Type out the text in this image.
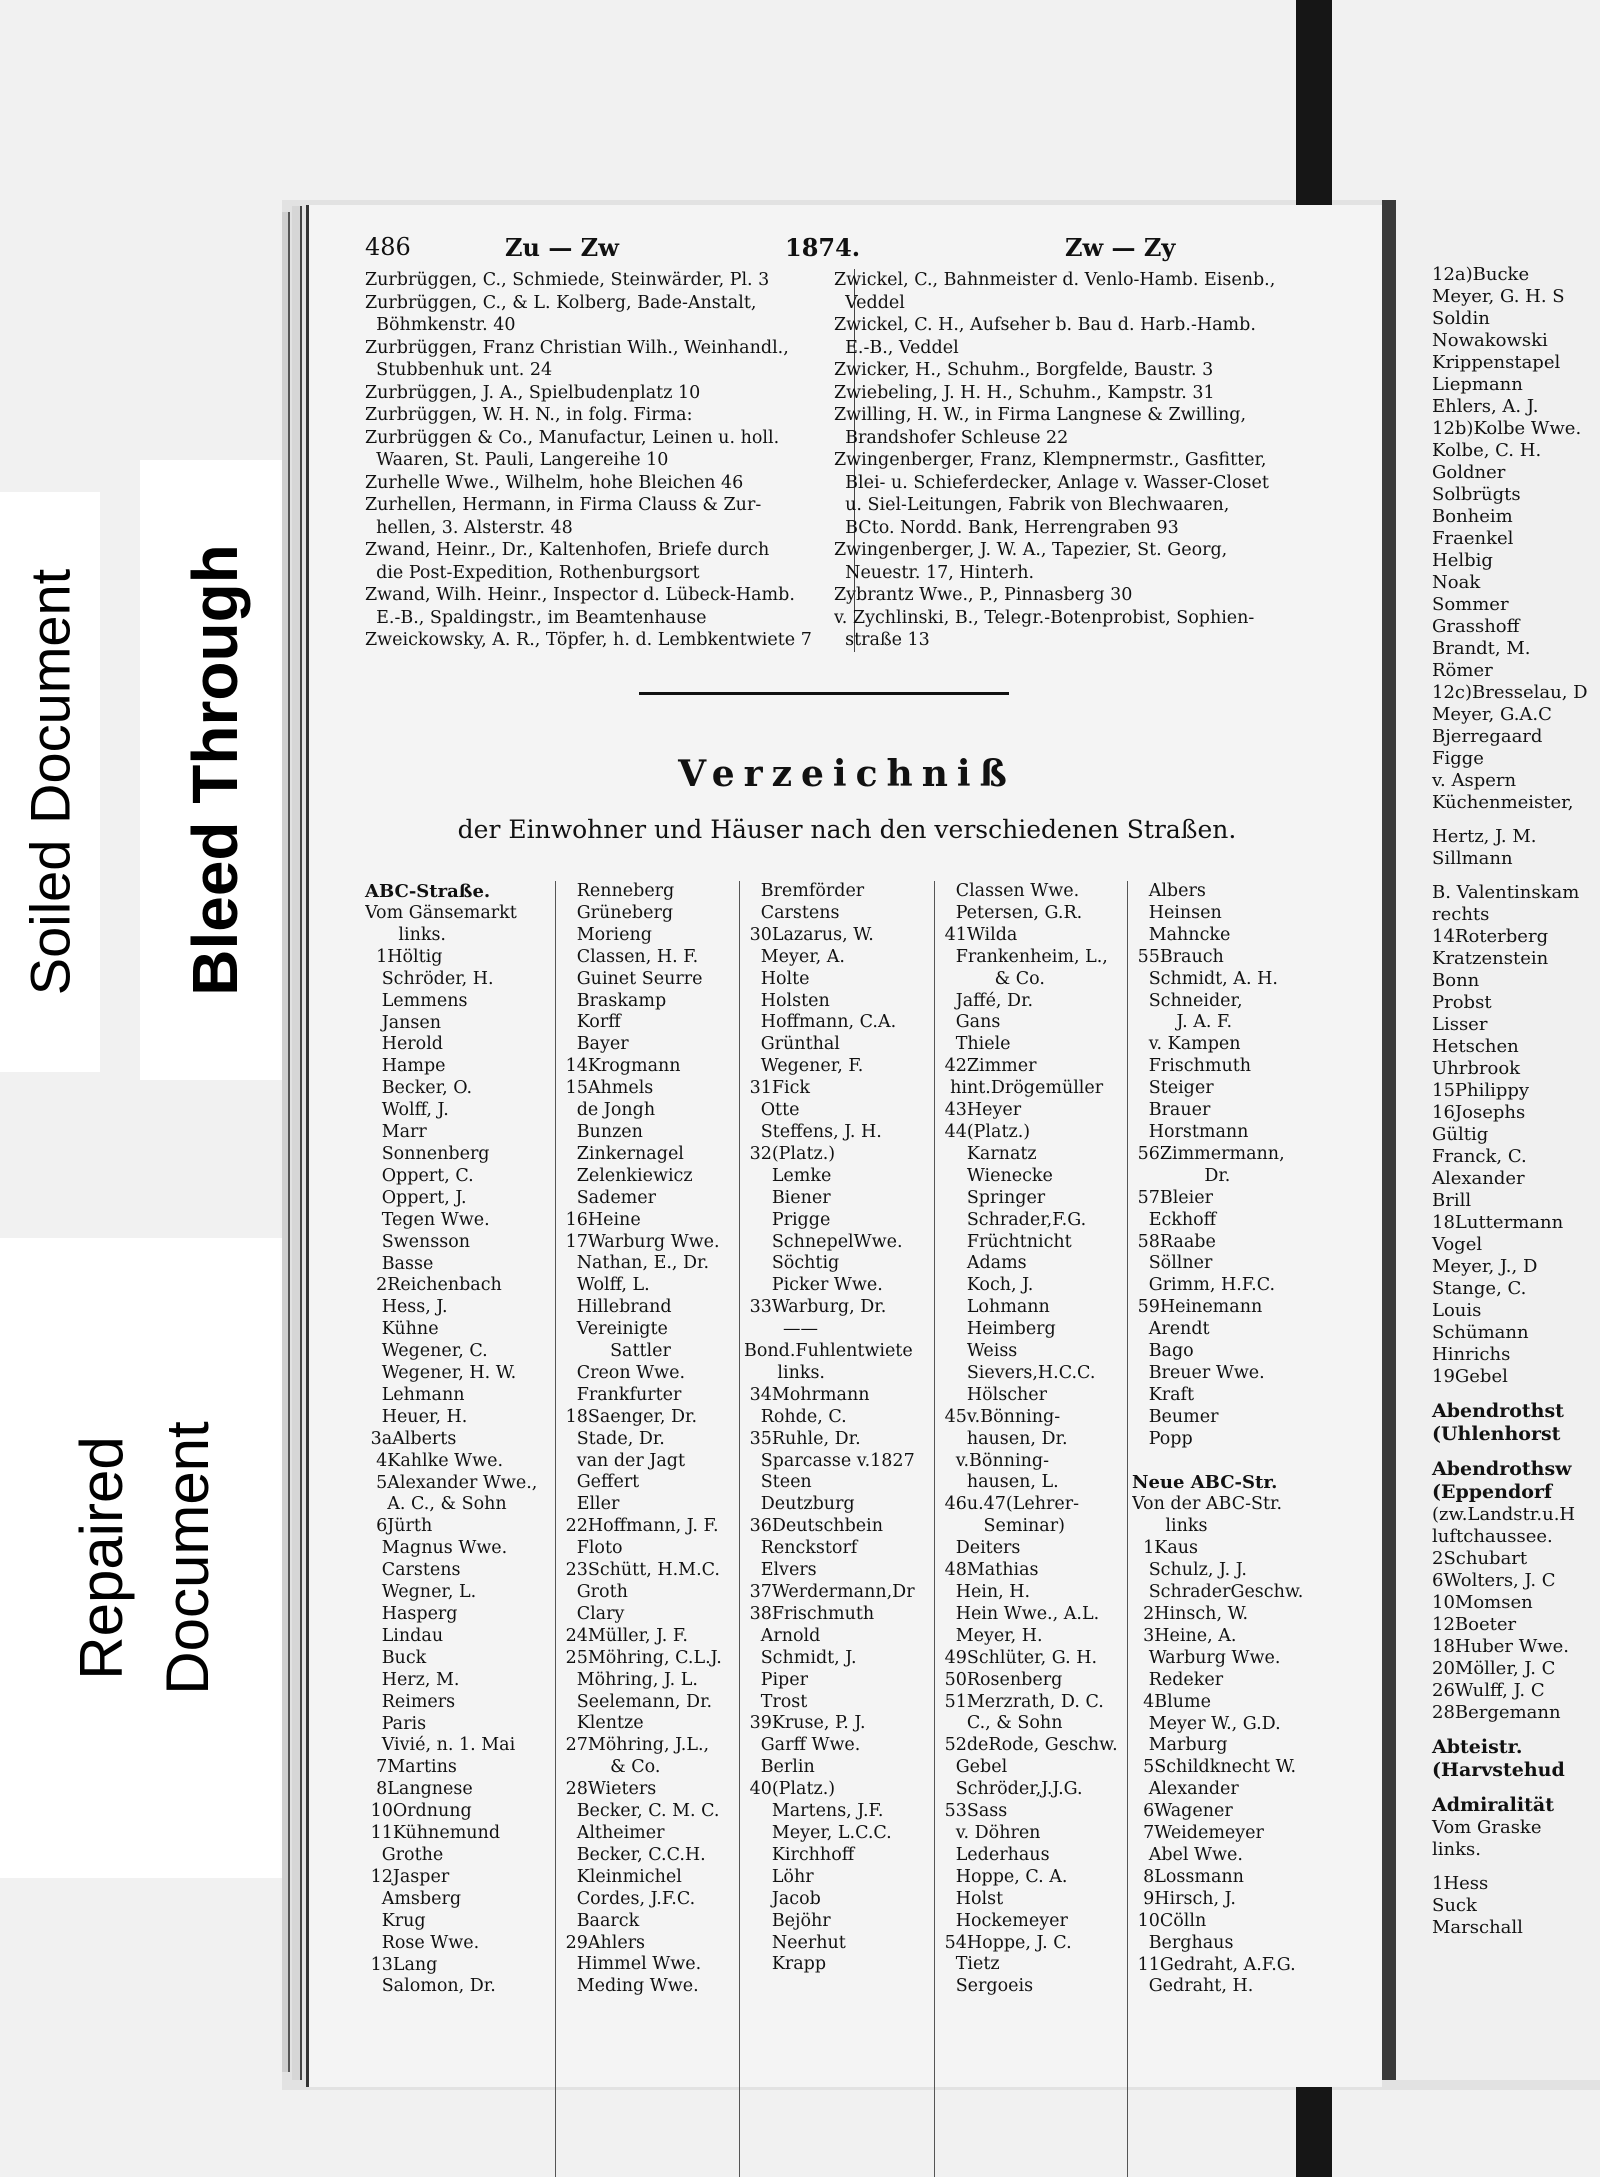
Soiled Document Bleed Through
Repaired Document
486	Zu — Zw	1874.	Zw — Zy
Zurbrüggen, C., Schmiede, Steinwärder, Pl. 3
Zurbrüggen, C., & L. Kolberg, Bade-Anstalt,
Böhmkenstr. 40
Zurbrüggen, Franz Christian Wilh., Weinhandl.,
Stubbenhuk unt. 24
Zurbrüggen, J. A., Spielbudenplatz 10
Zurbrüggen, W. H. N., in folg. Firma:
Zurbrüggen & Co., Manufactur, Leinen u. holl.
Waaren, St. Pauli, Langereihe 10
Zurhelle Wwe., Wilhelm, hohe Bleichen 46
Zurhellen, Hermann, in Firma Clauss & Zur-
hellen, 3. Alsterstr. 48
Zwand, Heinr., Dr., Kaltenhofen, Briefe durch
die Post-Expedition, Rothenburgsort
Zwand, Wilh. Heinr., Inspector d. Lübeck-Hamb.
E.-B., Spaldingstr., im Beamtenhause
Zweickowsky, A. R., Töpfer, h. d. Lembkentwiete 7
Zwickel, C., Bahnmeister d. Venlo-Hamb. Eisenb.,
Veddel
Zwickel, C. H., Aufseher b. Bau d. Harb.-Hamb.
E.-B., Veddel
Zwicker, H., Schuhm., Borgfelde, Baustr. 3
Zwiebeling, J. H. H., Schuhm., Kampstr. 31
Zwilling, H. W., in Firma Langnese & Zwilling,
Brandshofer Schleuse 22
Zwingenberger, Franz, Klempnermstr., Gasfitter,
Blei- u. Schieferdecker, Anlage v. Wasser-Closet
u. Siel-Leitungen, Fabrik von Blechwaaren,
BCto. Nordd. Bank, Herrengraben 93
Zwingenberger, J. W. A., Tapezier, St. Georg,
Neuestr. 17, Hinterh.
Zybrantz Wwe., P., Pinnasberg 30
v. Zychlinski, B., Telegr.-Botenprobist, Sophien-
straße 13
Verzeichniß
der Einwohner und Häuser nach den verschiedenen Straßen.
ABC-Straße.
Vom Gänsemarkt
links.
1Höltig
Schröder, H.
Lemmens
Jansen
Herold
Hampe
Becker, O.
Wolff, J.
Marr
Sonnenberg
Oppert, C.
Oppert, J.
Tegen Wwe.
Swensson
Basse
2Reichenbach
Hess, J.
Kühne
Wegener, C.
Wegener, H. W.
Lehmann
Heuer, H.
3aAlberts
4Kahlke Wwe.
5Alexander Wwe.,
A. C., & Sohn
6Jürth
Magnus Wwe.
Carstens
Wegner, L.
Hasperg
Lindau
Buck
Herz, M.
Reimers
Paris
Vivié, n. 1. Mai
7Martins
8Langnese
10Ordnung
11Kühnemund
Grothe
12Jasper
Amsberg
Krug
Rose Wwe.
13Lang
Salomon, Dr.
Renneberg
Grüneberg
Morieng
Classen, H. F.
Guinet Seurre
Braskamp
Korff
Bayer
14Krogmann
15Ahmels
de Jongh
Bunzen
Zinkernagel
Zelenkiewicz
Sademer
16Heine
17Warburg Wwe.
Nathan, E., Dr.
Wolff, L.
Hillebrand
Vereinigte
Sattler
Creon Wwe.
Frankfurter
18Saenger, Dr.
Stade, Dr.
van der Jagt
Geffert
Eller
22Hoffmann, J. F.
Floto
23Schütt, H.M.C.
Groth
Clary
24Müller, J. F.
25Möhring, C.L.J.
Möhring, J. L.
Seelemann, Dr.
Klentze
27Möhring, J.L.,
& Co.
28Wieters
Becker, C. M. C.
Altheimer
Becker, C.C.H.
Kleinmichel
Cordes, J.F.C.
Baarck
29Ahlers
Himmel Wwe.
Meding Wwe.
Bremförder
Carstens
30Lazarus, W.
Meyer, A.
Holte
Holsten
Hoffmann, C.A.
Grünthal
Wegener, F.
31Fick
Otte
Steffens, J. H.
32(Platz.)
Lemke
Biener
Prigge
SchnepelWwe.
Söchtig
Picker Wwe.
33Warburg, Dr.
——
Bond.Fuhlentwiete
links.
34Mohrmann
Rohde, C.
35Ruhle, Dr.
Sparcasse v.1827
Steen
Deutzburg
36Deutschbein
Renckstorf
Elvers
37Werdermann,Dr
38Frischmuth
Arnold
Schmidt, J.
Piper
Trost
39Kruse, P. J.
Garff Wwe.
Berlin
40(Platz.)
Martens, J.F.
Meyer, L.C.C.
Kirchhoff
Löhr
Jacob
Bejöhr
Neerhut
Krapp
Classen Wwe.
Petersen, G.R.
41Wilda
Frankenheim, L.,
& Co.
Jaffé, Dr.
Gans
Thiele
42Zimmer
hint.Drögemüller
43Heyer
44(Platz.)
Karnatz
Wienecke
Springer
Schrader,F.G.
Früchtnicht
Adams
Koch, J.
Lohmann
Heimberg
Weiss
Sievers,H.C.C.
Hölscher
45v.Bönning-
hausen, Dr.
v.Bönning-
hausen, L.
46u.47(Lehrer-
Seminar)
Deiters
48Mathias
Hein, H.
Hein Wwe., A.L.
Meyer, H.
49Schlüter, G. H.
50Rosenberg
51Merzrath, D. C.
C., & Sohn
52deRode, Geschw.
Gebel
Schröder,J.J.G.
53Sass
v. Döhren
Lederhaus
Hoppe, C. A.
Holst
Hockemeyer
54Hoppe, J. C.
Tietz
Sergoeis
Albers
Heinsen
Mahncke
55Brauch
Schmidt, A. H.
Schneider,
J. A. F.
v. Kampen
Frischmuth
Steiger
Brauer
Horstmann
56Zimmermann,
Dr.
57Bleier
Eckhoff
58Raabe
Söllner
Grimm, H.F.C.
59Heinemann
Arendt
Bago
Breuer Wwe.
Kraft
Beumer
Popp

Neue ABC-Str.
Von der ABC-Str.
links
1Kaus
Schulz, J. J.
SchraderGeschw.
2Hinsch, W.
3Heine, A.
Warburg Wwe.
Redeker
4Blume
Meyer W., G.D.
Marburg
5Schildknecht W.
Alexander
6Wagener
7Weidemeyer
Abel Wwe.
8Lossmann
9Hirsch, J.
10Cölln
Berghaus
11Gedraht, A.F.G.
Gedraht, H.
12a)Bucke
Meyer, G. H. S
Soldin
Nowakowski
Krippenstapel
Liepmann
Ehlers, A. J.
12b)Kolbe Wwe.
Kolbe, C. H.
Goldner
Solbrügts
Bonheim
Fraenkel
Helbig
Noak
Sommer
Grasshoff
Brandt, M.
Römer
12c)Bresselau, D
Meyer, G.A.C
Bjerregaard
Figge
v. Aspern
Küchenmeister,
Hertz, J. M.
Sillmann
B. Valentinskam
rechts
14Roterberg
Kratzenstein
Bonn
Probst
Lisser
Hetschen
Uhrbrook
15Philippy
16Josephs
Gültig
Franck, C.
Alexander
Brill
18Luttermann
Vogel
Meyer, J., D
Stange, C.
Louis
Schümann
Hinrichs
19Gebel
Abendrothst
(Uhlenhorst
Abendrothsw
(Eppendorf
(zw.Landstr.u.H
luftchaussee.
2Schubart
6Wolters, J. C
10Momsen
12Boeter
18Huber Wwe.
20Möller, J. C
26Wulff, J. C
28Bergemann
Abteistr.
(Harvstehud
Admiralität
Vom Graske
links.
1Hess
Suck
Marschall
